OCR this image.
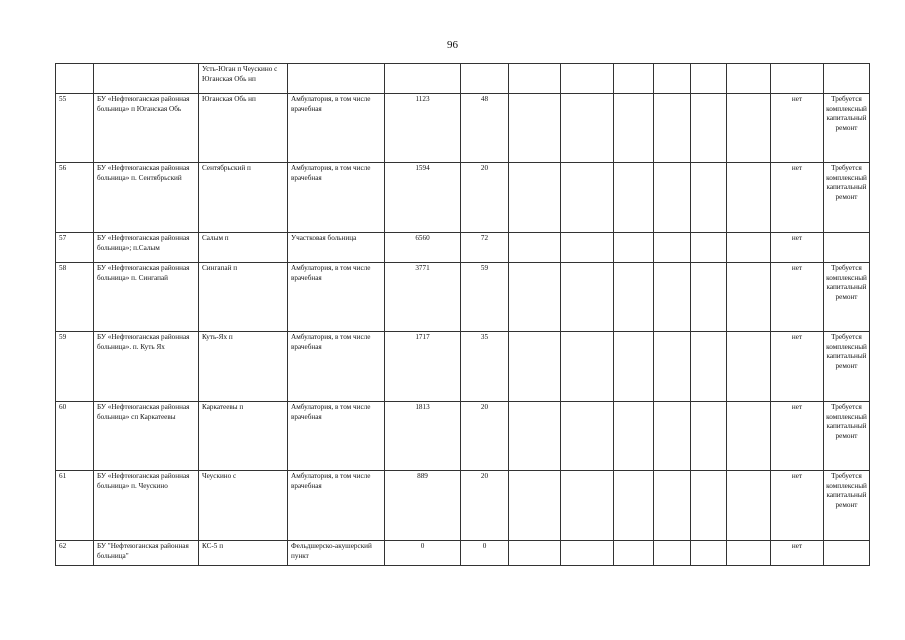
96
		Усть-Юган п Чеускино с Юганская Обь нп											
55	БУ «Нефтеюганская районная больница» п Юганская Обь	Юганская Обь нп	Амбулатория, в том числе врачебная	1123	48							нет	Требуется комплексный капитальный ремонт
56	БУ «Нефтеюганская районная больница» п. Сентябрьский	Сентябрьский п	Амбулатория, в том числе врачебная	1594	20							нет	Требуется комплексный капитальный ремонт
57	БУ «Нефтеюганская районная больница»; п.Салым	Салым п	Участковая больница	6560	72							нет	
58	БУ «Нефтеюганская районная больница» п. Сингапай	Сингапай п	Амбулатория, в том числе врачебная	3771	59							нет	Требуется комплексный капитальный ремонт
59	БУ «Нефтеюганская районная больница». п. Куть Ях	Куть-Ях п	Амбулатория, в том числе врачебная	1717	35							нет	Требуется комплексный капитальный ремонт
60	БУ «Нефтеюганская районная больница» сп Каркатеевы	Каркатеевы п	Амбулатория, в том числе врачебная	1813	20							нет	Требуется комплексный капитальный ремонт
61	БУ «Нефтеюганская районная больница» п. Чеускино	Чеускино с	Амбулатория, в том числе врачебная	889	20							нет	Требуется комплексный капитальный ремонт
62	БУ "Нефтеюганская районная больница"	КС-5 п	Фельдшерско-акушерский пункт	0	0							нет	
